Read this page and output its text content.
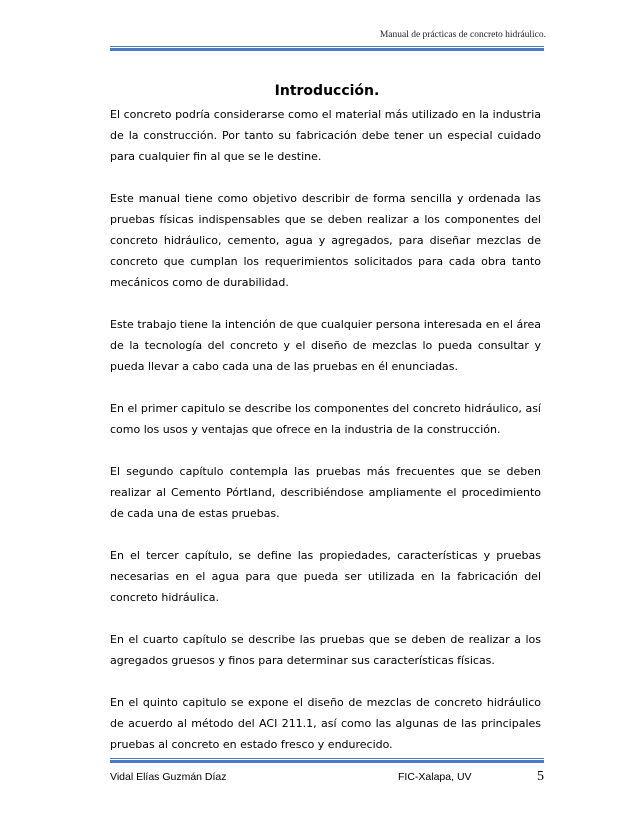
Manual de prácticas de concreto hidráulico.
Introducción.

El concreto podría considerarse como el material más utilizado en la industria de la construcción. Por tanto su fabricación debe tener un especial cuidado para cualquier fin al que se le destine.

Este manual tiene como objetivo describir de forma sencilla y ordenada las pruebas físicas indispensables que se deben realizar a los componentes del concreto hidráulico, cemento, agua y agregados, para diseñar mezclas de concreto que cumplan los requerimientos solicitados para cada obra tanto mecánicos como de durabilidad.

Este trabajo tiene la intención de que cualquier persona interesada en el área de la tecnología del concreto y el diseño de mezclas lo pueda consultar y pueda llevar a cabo cada una de las pruebas en él enunciadas.

En el primer capitulo se describe los componentes del concreto hidráulico, así como los usos y ventajas que ofrece en la industria de la construcción.

El segundo capítulo contempla las pruebas más frecuentes que se deben realizar al Cemento Pórtland, describiéndose ampliamente el procedimiento de cada una de estas pruebas.

En el tercer capítulo, se define las propiedades, características y pruebas necesarias en el agua para que pueda ser utilizada en la fabricación del concreto hidráulica.

En el cuarto capítulo se describe las pruebas que se deben de realizar a los agregados gruesos y finos para determinar sus características físicas.

En el quinto capitulo se expone el diseño de mezclas de concreto hidráulico de acuerdo al método del ACI 211.1, así como las algunas de las principales pruebas al concreto en estado fresco y endurecido.

Vidal Elías Guzmán Díaz	FIC-Xalapa, UV	5
